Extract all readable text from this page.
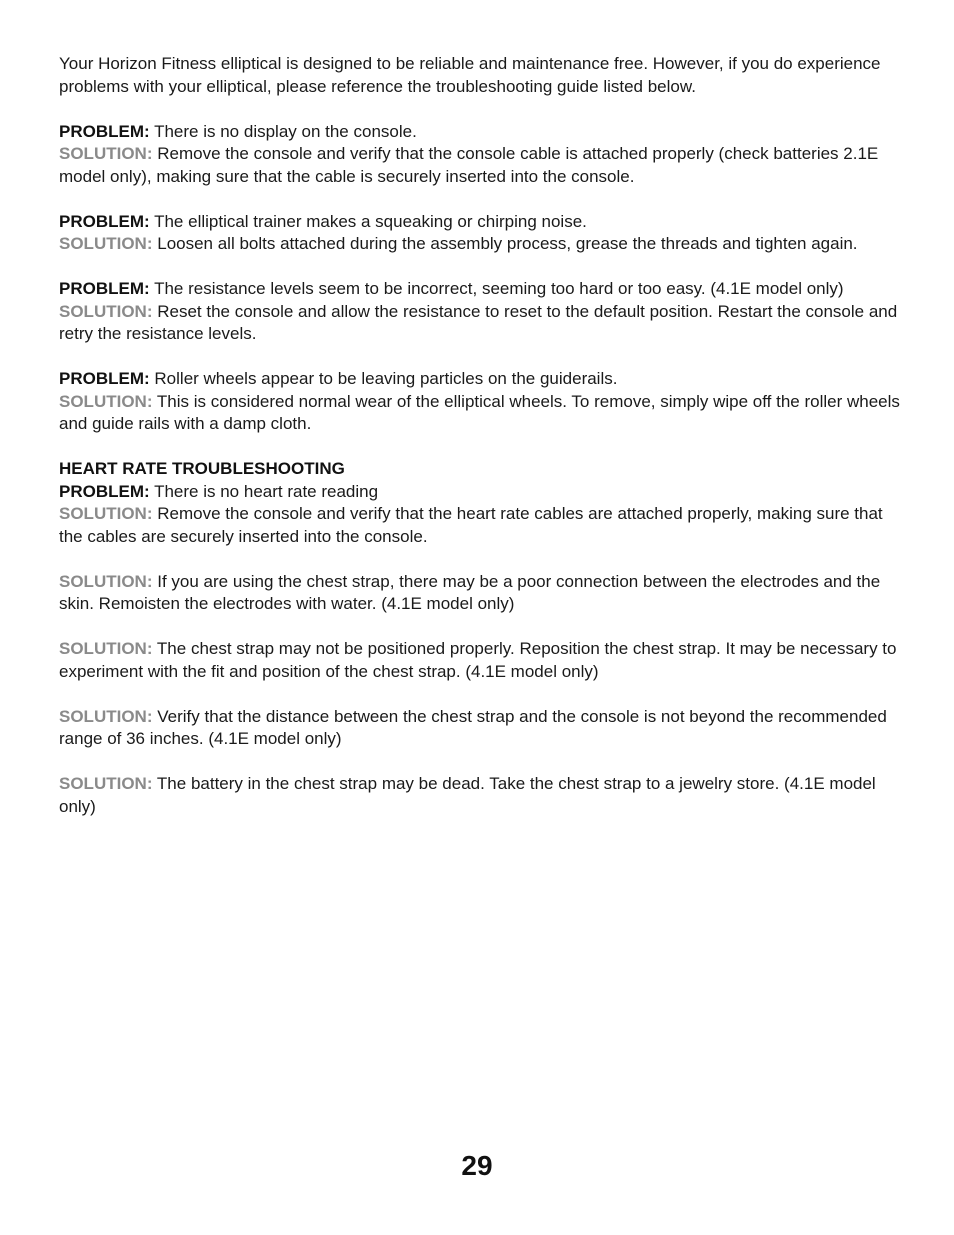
Your Horizon Fitness elliptical is designed to be reliable and maintenance free. However, if you do experience problems with your elliptical, please reference the troubleshooting guide listed below.

PROBLEM: There is no display on the console.
SOLUTION: Remove the console and verify that the console cable is attached properly (check batteries 2.1E model only), making sure that the cable is securely inserted into the console.
PROBLEM: The elliptical trainer makes a squeaking or chirping noise.
SOLUTION: Loosen all bolts attached during the assembly process, grease the threads and tighten again.
PROBLEM: The resistance levels seem to be incorrect, seeming too hard or too easy. (4.1E model only)
SOLUTION: Reset the console and allow the resistance to reset to the default position. Restart the console and retry the resistance levels.
PROBLEM: Roller wheels appear to be leaving particles on the guiderails.
SOLUTION: This is considered normal wear of the elliptical wheels. To remove, simply wipe off the roller wheels and guide rails with a damp cloth.
HEART RATE TROUBLESHOOTING
PROBLEM: There is no heart rate reading
SOLUTION: Remove the console and verify that the heart rate cables are attached properly, making sure that the cables are securely inserted into the console.

SOLUTION: If you are using the chest strap, there may be a poor connection between the electrodes and the skin. Remoisten the electrodes with water. (4.1E model only)

SOLUTION: The chest strap may not be positioned properly. Reposition the chest strap. It may be necessary to experiment with the fit and position of the chest strap. (4.1E model only)

SOLUTION: Verify that the distance between the chest strap and the console is not beyond the recommended range of 36 inches. (4.1E model only)

SOLUTION: The battery in the chest strap may be dead. Take the chest strap to a jewelry store. (4.1E model only)

29
